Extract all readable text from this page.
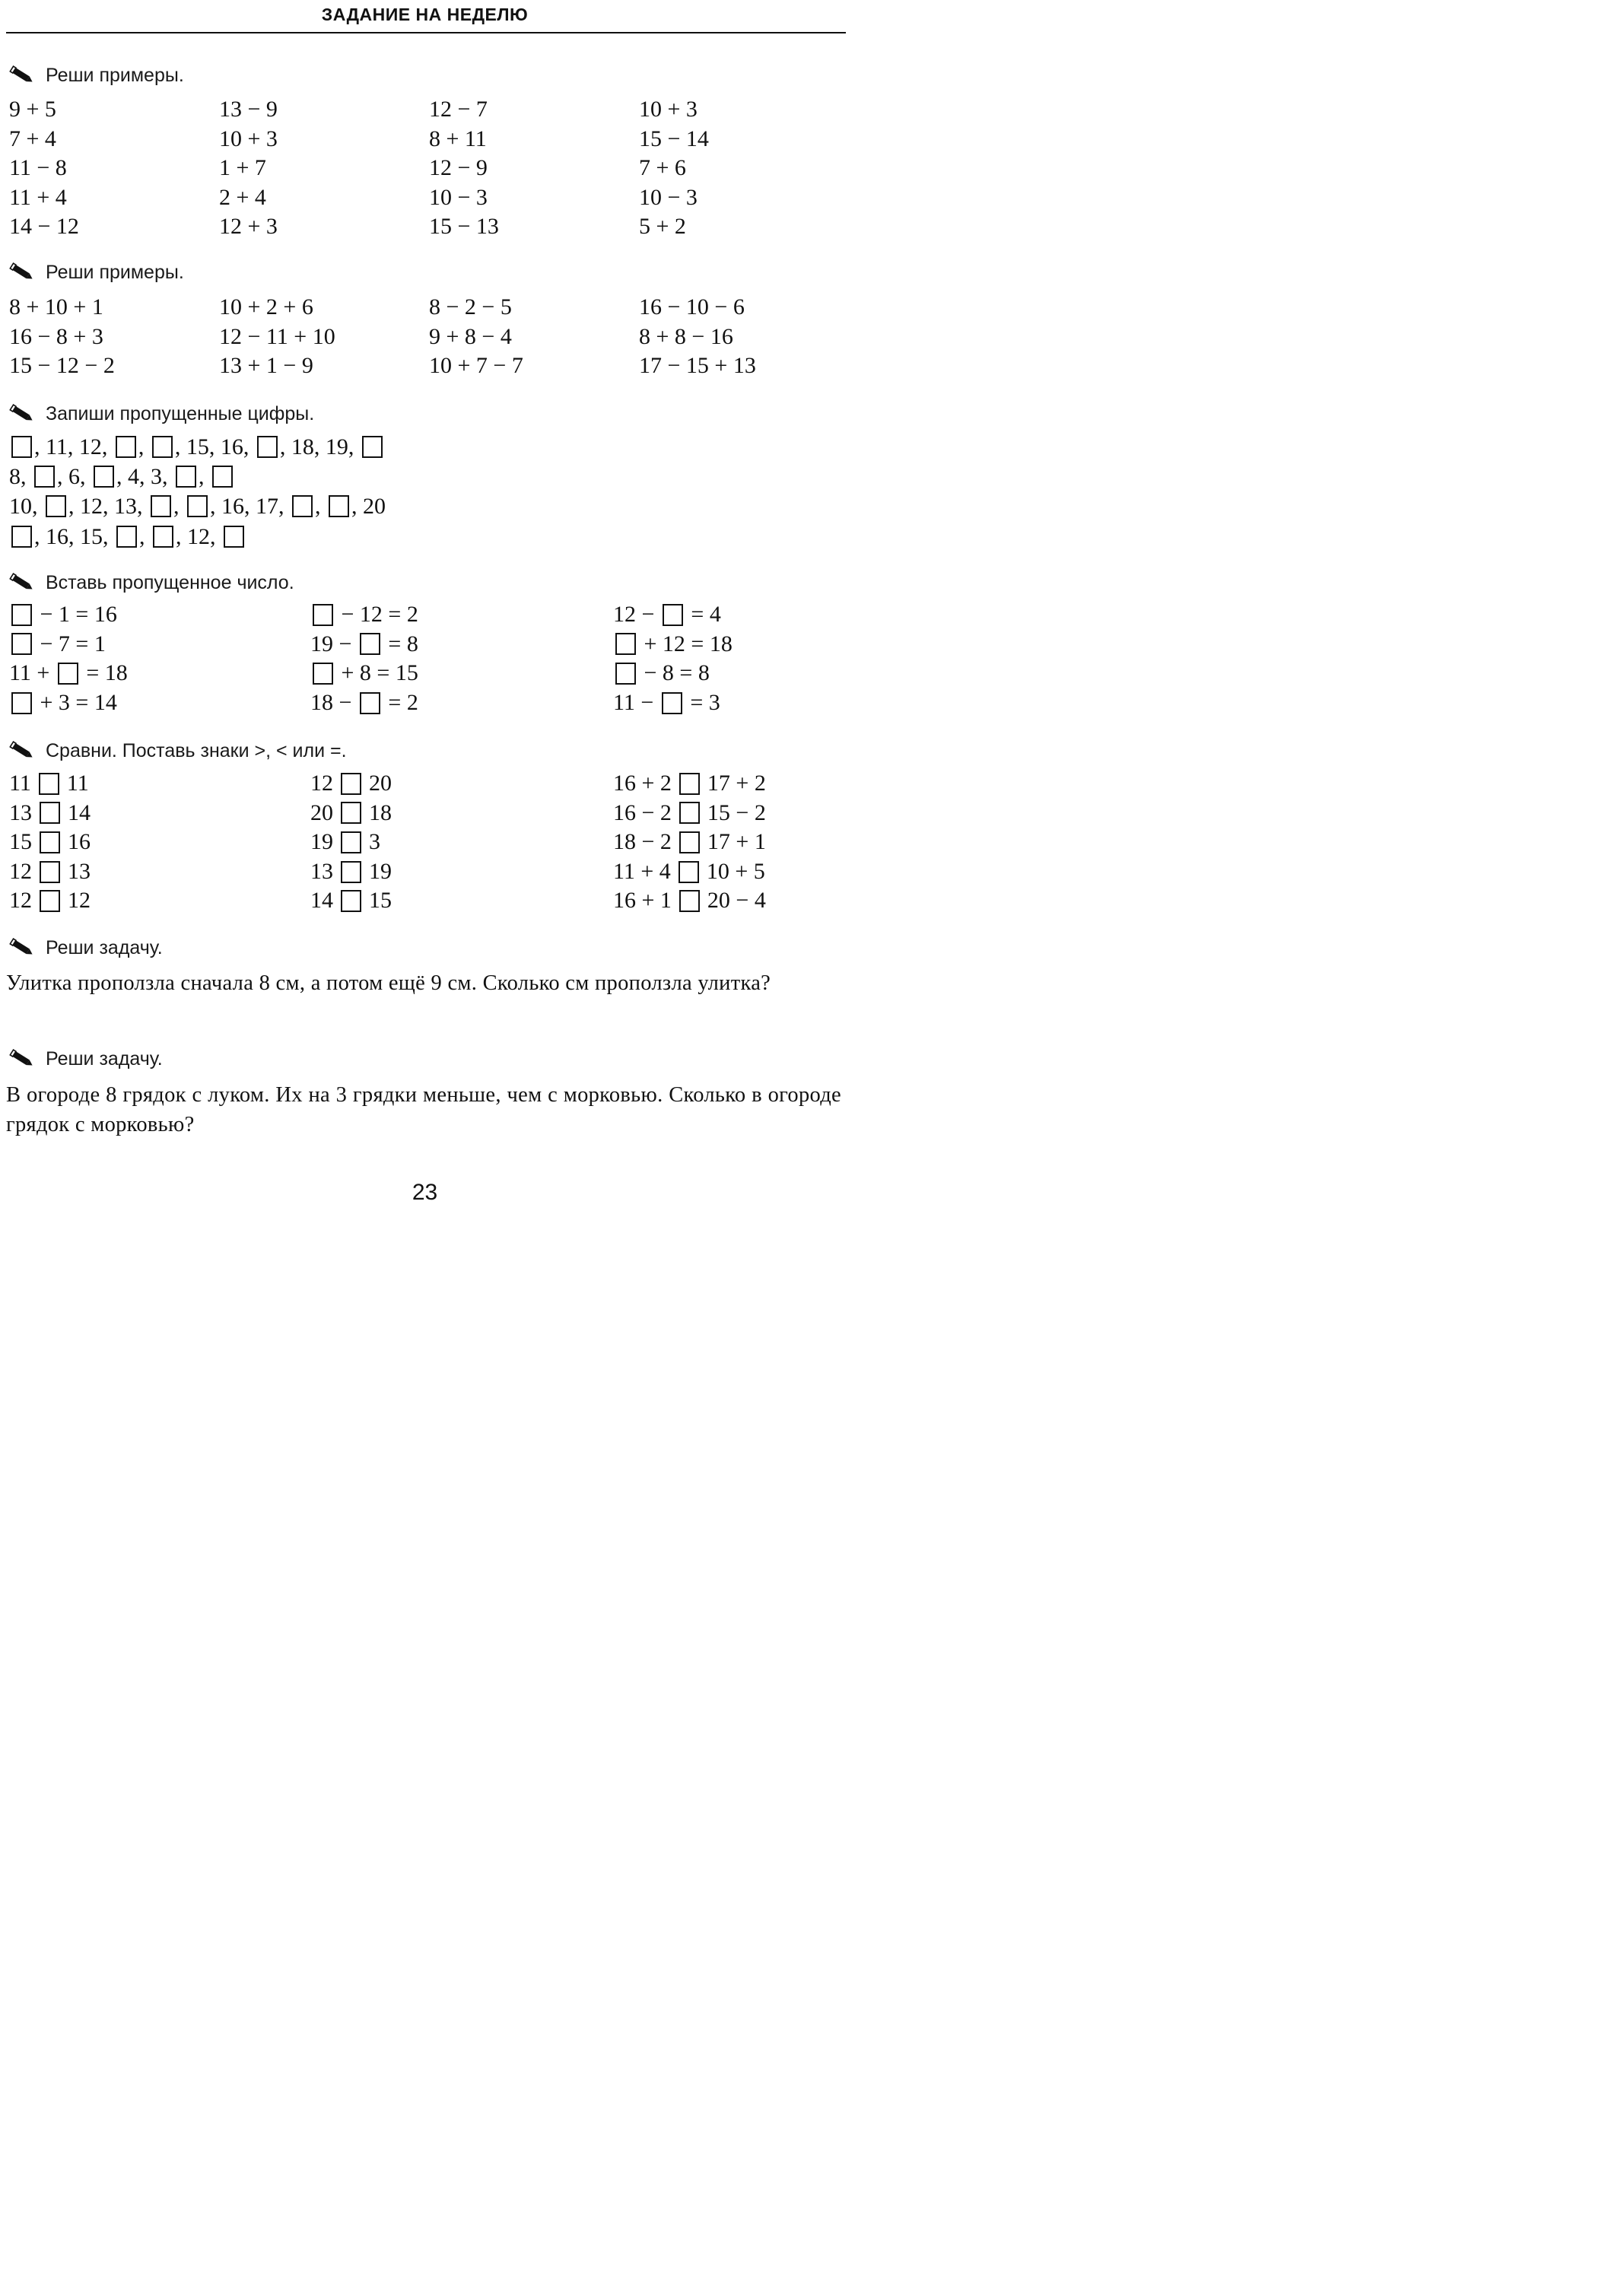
ЗАДАНИЕ НА НЕДЕЛЮ
Реши примеры.
9 + 5	13 − 9	12 − 7	10 + 3
7 + 4	10 + 3	8 + 11	15 − 14
11 − 8	1 + 7	12 − 9	7 + 6
11 + 4	2 + 4	10 − 3	10 − 3
14 − 12	12 + 3	15 − 13	5 + 2
Реши примеры.
8 + 10 + 1	10 + 2 + 6	8 − 2 − 5	16 − 10 − 6
16 − 8 + 3	12 − 11 + 10	9 + 8 − 4	8 + 8 − 16
15 − 12 − 2	13 + 1 − 9	10 + 7 − 7	17 − 15 + 13
Запиши пропущенные цифры.
, 11 , 12 , , , 15 , 16 , , 18 , 19 ,
8 , , 6 , , 4 , 3 , ,
10 , , 12 , 13 , , , 16 , 17 , , , 20
, 16 , 15 , , , 12 ,
Вставь пропущенное число.
− 1 = 16	− 12 = 2	12 − = 4
− 7 = 1	19 − = 8	+ 12 = 18
11 + = 18	+ 8 = 15	− 8 = 8
+ 3 = 14	18 − = 2	11 − = 3
Сравни. Поставь знаки >, < или =.
11 11	12 20	16 + 2 17 + 2
13 14	20 18	16 − 2 15 − 2
15 16	19 3	18 − 2 17 + 1
12 13	13 19	11 + 4 10 + 5
12 12	14 15	16 + 1 20 − 4
Реши задачу.
Улитка проползла сначала 8 см, а потом ещё 9 см. Сколько см проползла улитка?
Реши задачу.
В огороде 8 грядок с луком. Их на 3 грядки меньше, чем с морковью. Сколько в огороде грядок с морковью?
23
